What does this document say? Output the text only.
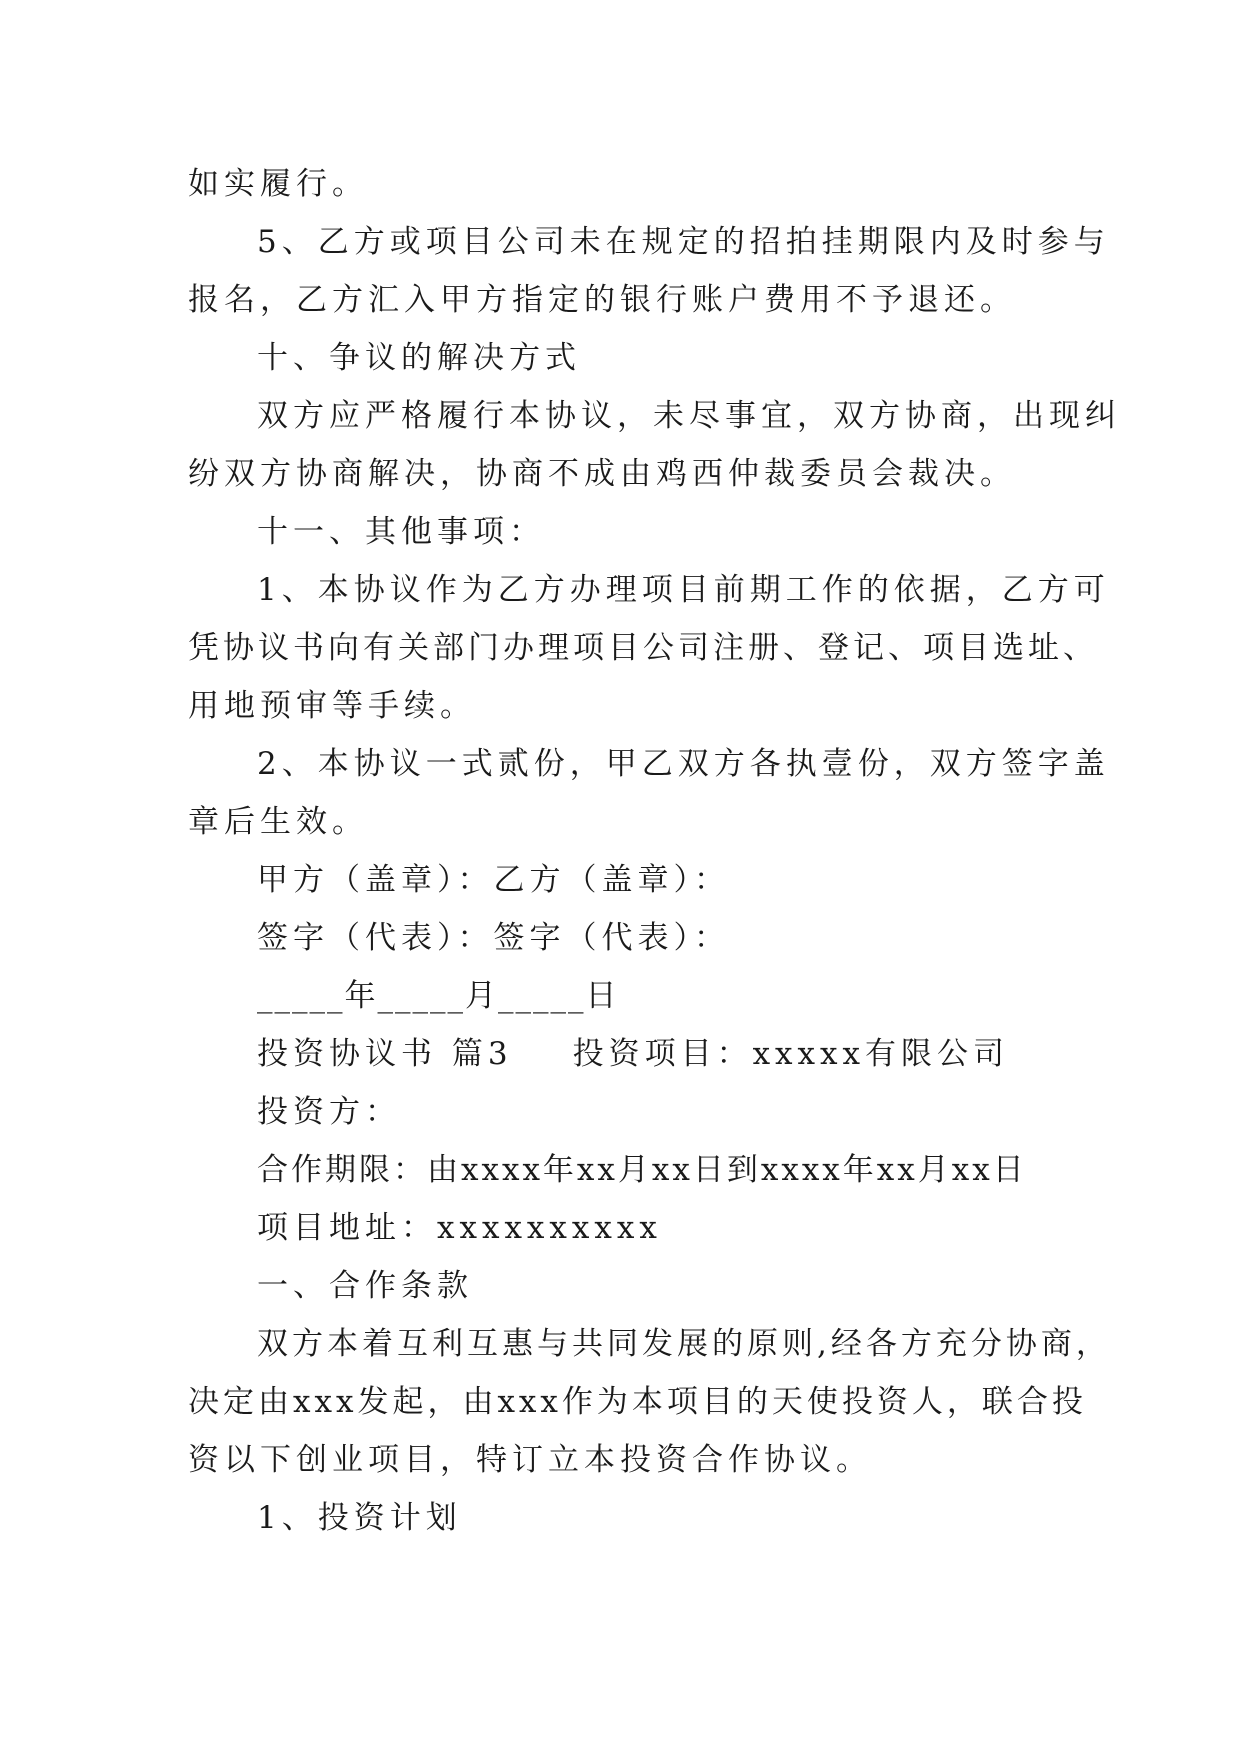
如实履行。
5、乙方或项目公司未在规定的招拍挂期限内及时参与
报名，乙方汇入甲方指定的银行账户费用不予退还。
十、争议的解决方式
双方应严格履行本协议，未尽事宜，双方协商，出现纠
纷双方协商解决，协商不成由鸡西仲裁委员会裁决。
十一、其他事项：
1、本协议作为乙方办理项目前期工作的依据，乙方可
凭协议书向有关部门办理项目公司注册、登记、项目选址、
用地预审等手续。
2、本协议一式贰份，甲乙双方各执壹份，双方签字盖
章后生效。
甲方（盖章）：乙方（盖章）：
签字（代表）：签字（代表）：
_____年_____月_____日
投资协议书 篇3 投资项目：xxxxx有限公司
投资方：
合作期限：由xxxx年xx月xx日到xxxx年xx月xx日
项目地址：xxxxxxxxxx
一、合作条款
双方本着互利互惠与共同发展的原则,经各方充分协商，
决定由xxx发起，由xxx作为本项目的天使投资人，联合投
资以下创业项目，特订立本投资合作协议。
1、投资计划
